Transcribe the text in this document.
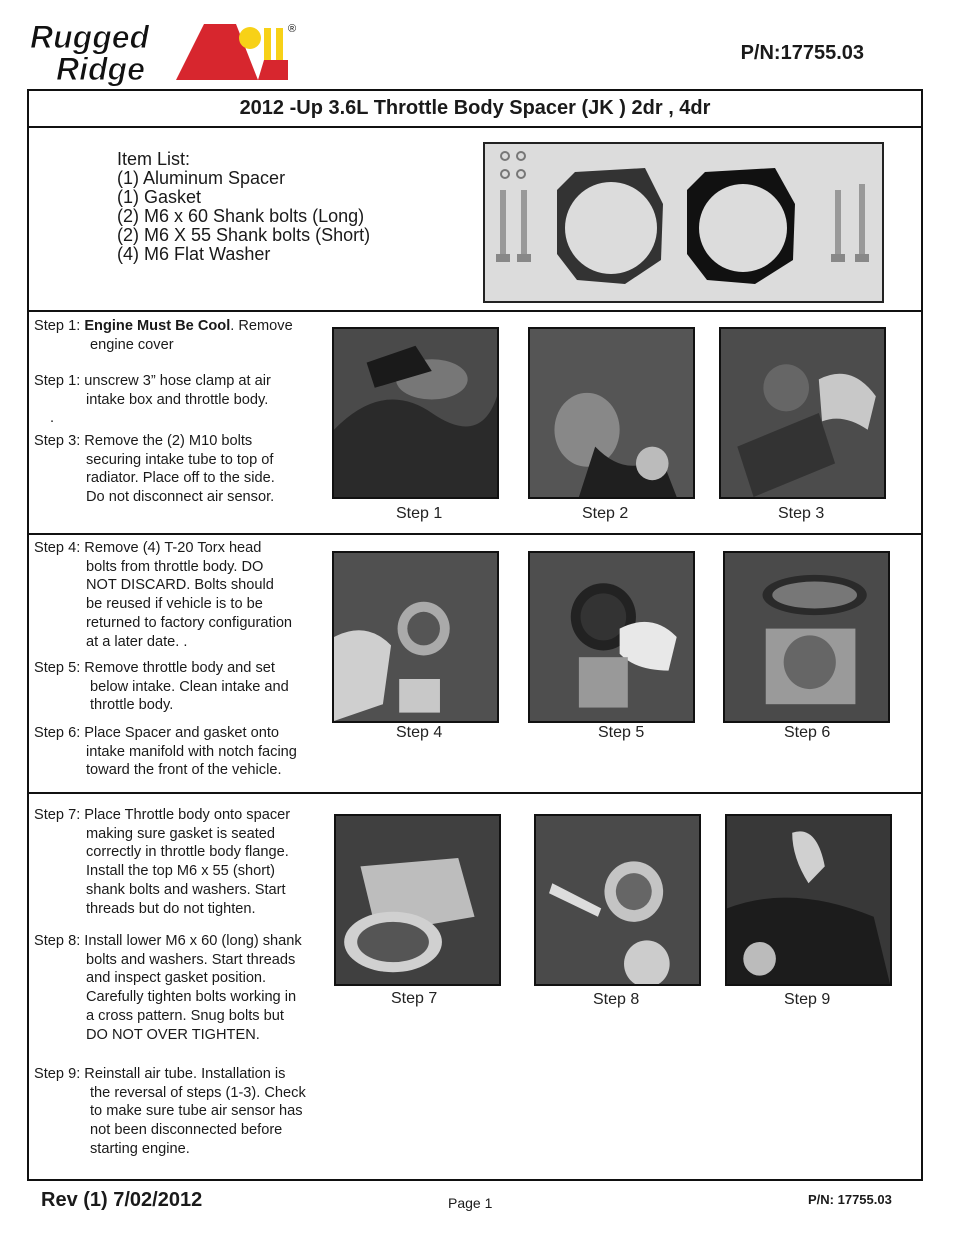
Rugged
Ridge
®
P/N:17755.03
2012 -Up 3.6L Throttle Body Spacer (JK ) 2dr , 4dr
Item List:
(1) Aluminum Spacer
(1) Gasket
(2) M6 x 60 Shank bolts (Long)
(2) M6 X 55 Shank bolts (Short)
(4) M6 Flat Washer
Step 1: Engine Must Be Cool. Remove
engine cover
Step 1: unscrew 3” hose clamp at air
intake box and throttle body.
.
Step 3: Remove the (2) M10 bolts
securing intake tube to top of
radiator. Place off to the side.
Do not disconnect air sensor.
Step 4: Remove (4) T-20 Torx head
bolts from throttle body. DO
NOT DISCARD. Bolts should
be reused if vehicle is to be
returned to factory configuration
at a later date. .
Step 5: Remove throttle body and set
below intake. Clean intake and
throttle body.
Step 6: Place Spacer and gasket onto
intake manifold with notch facing
toward the front of the vehicle.
Step 7: Place Throttle body onto spacer
making sure gasket is seated
correctly in throttle body flange.
Install the top M6 x 55 (short)
shank bolts and washers. Start
threads but do not tighten.
Step 8: Install lower M6 x 60 (long) shank
bolts and washers. Start threads
and inspect gasket position.
Carefully tighten bolts working in
a cross pattern. Snug bolts but
DO NOT OVER TIGHTEN.
Step 9: Reinstall air tube. Installation is
the reversal of steps (1-3). Check
to make sure tube air sensor has
not been disconnected before
starting engine.
Step 1	Step 2	Step 3
Step 4	Step 5	Step 6
Step 7	Step 8	Step 9
Rev (1) 7/02/2012	Page 1	P/N: 17755.03
